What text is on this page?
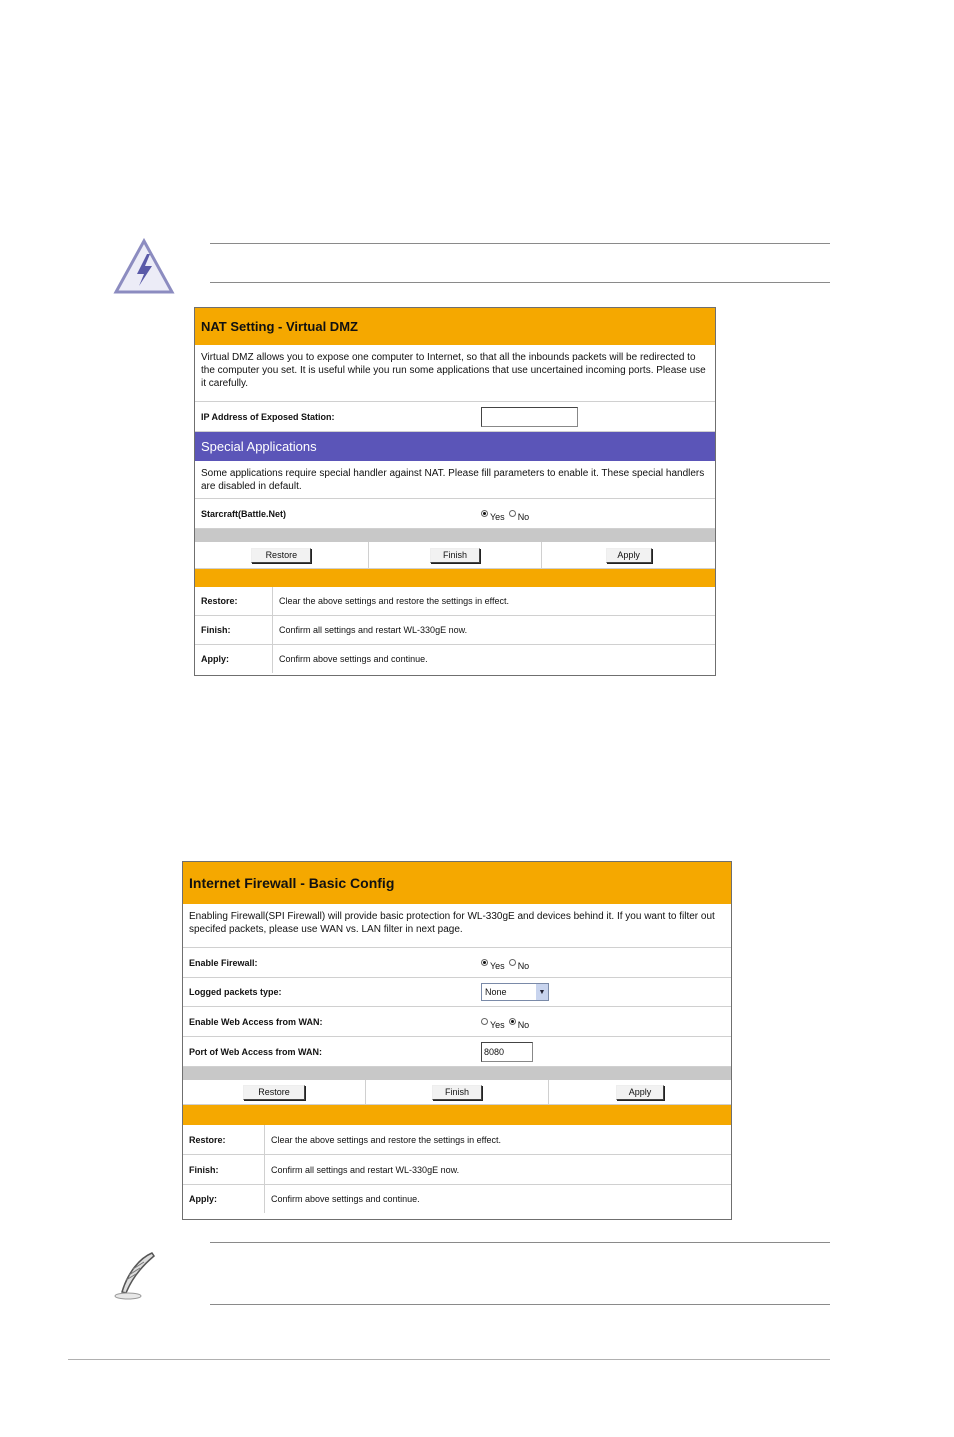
NAT Setting - Virtual DMZ
Virtual DMZ allows you to expose one computer to Internet, so that all the inbounds packets will be redirected to the computer you set. It is useful while you run some applications that use uncertained incoming ports. Please use it carefully.
IP Address of Exposed Station:
Special Applications
Some applications require special handler against NAT. Please fill parameters to enable it. These special handlers are disabled in default.
Starcraft(Battle.Net)	Yes No
Restore	Finish	Apply
Restore:	Clear the above settings and restore the settings in effect.
Finish:	Confirm all settings and restart WL-330gE now.
Apply:	Confirm above settings and continue.
Internet Firewall - Basic Config
Enabling Firewall(SPI Firewall) will provide basic protection for WL-330gE and devices behind it. If you want to filter out specifed packets, please use WAN vs. LAN filter in next page.
Enable Firewall:	Yes No
Logged packets type:	None	▼
Enable Web Access from WAN:	Yes No
Port of Web Access from WAN:	8080
Restore	Finish	Apply
Restore:	Clear the above settings and restore the settings in effect.
Finish:	Confirm all settings and restart WL-330gE now.
Apply:	Confirm above settings and continue.
